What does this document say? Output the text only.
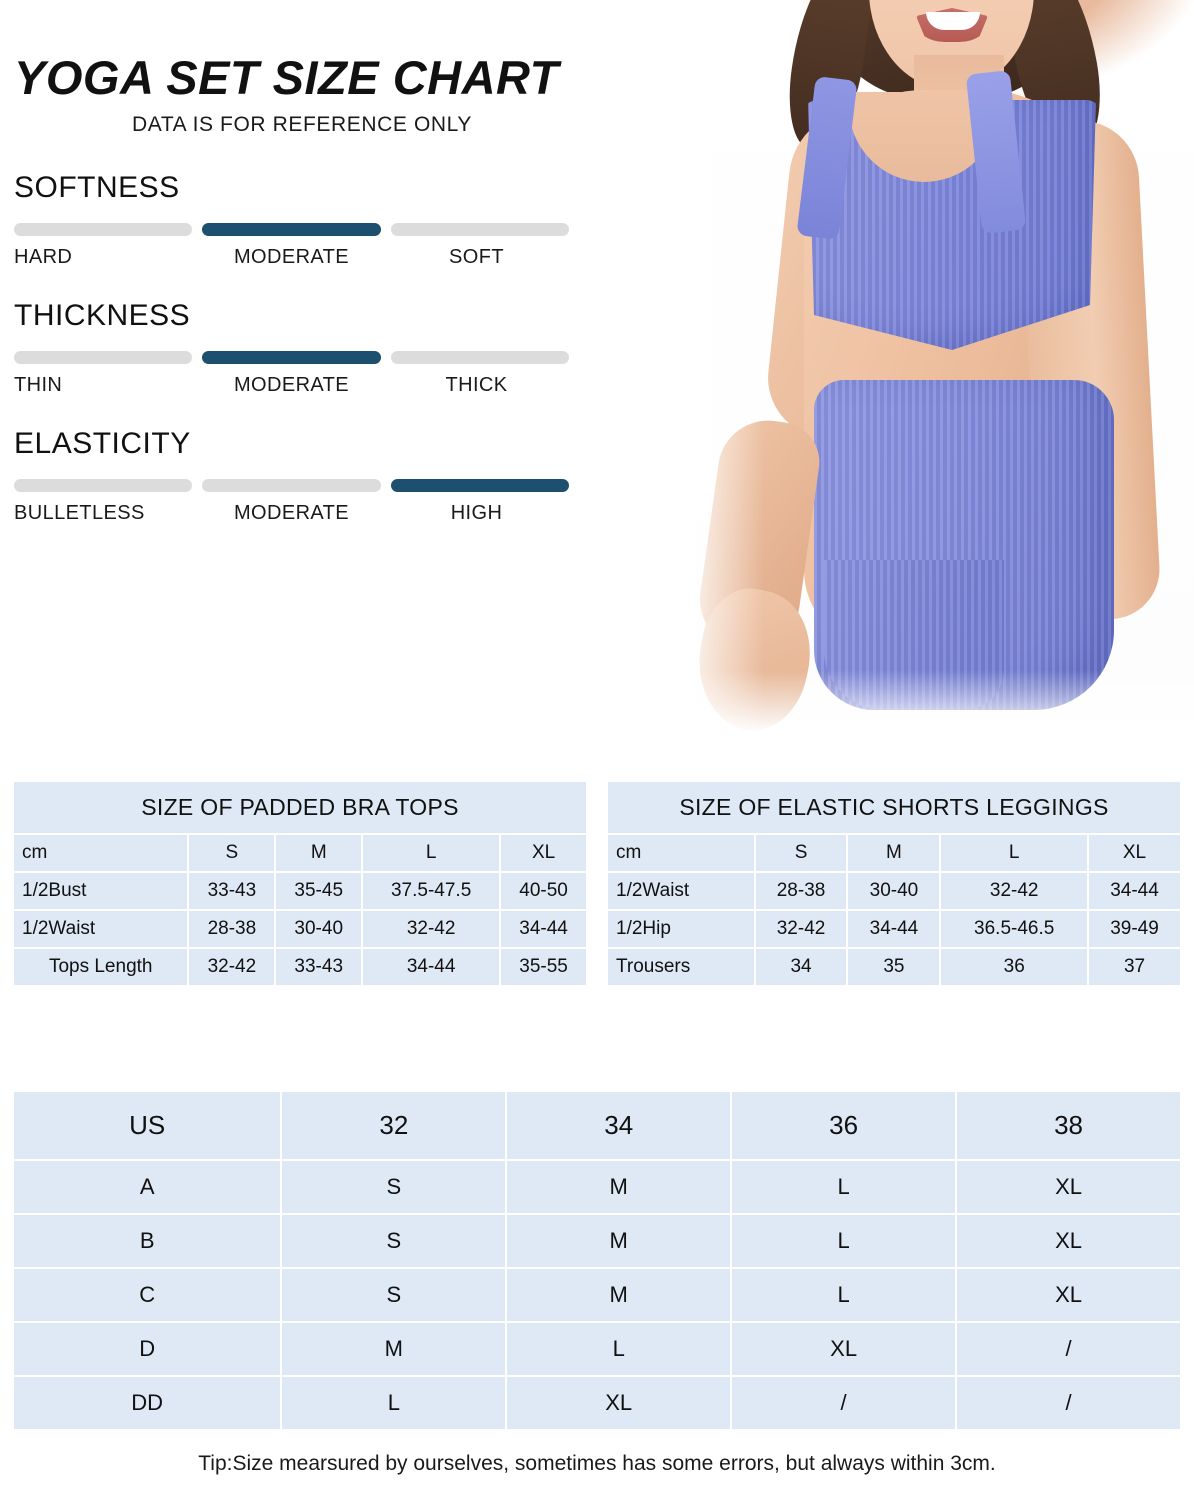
YOGA SET SIZE CHART
DATA IS FOR REFERENCE ONLY
SOFTNESS
HARD	MODERATE	SOFT
THICKNESS
THIN	MODERATE	THICK
ELASTICITY
BULLETLESS	MODERATE	HIGH
SIZE OF PADDED BRA TOPS				
cm	S	M	L	XL
1/2Bust	33-43	35-45	37.5-47.5	40-50
1/2Waist	28-38	30-40	32-42	34-44
Tops Length	32-42	33-43	34-44	35-55
SIZE OF ELASTIC SHORTS LEGGINGS				
cm	S	M	L	XL
1/2Waist	28-38	30-40	32-42	34-44
1/2Hip	32-42	34-44	36.5-46.5	39-49
Trousers	34	35	36	37
US	32	34	36	38
A	S	M	L	XL
B	S	M	L	XL
C	S	M	L	XL
D	M	L	XL	/
DD	L	XL	/	/
Tip:Size mearsured by ourselves, sometimes has some errors, but always within 3cm.
